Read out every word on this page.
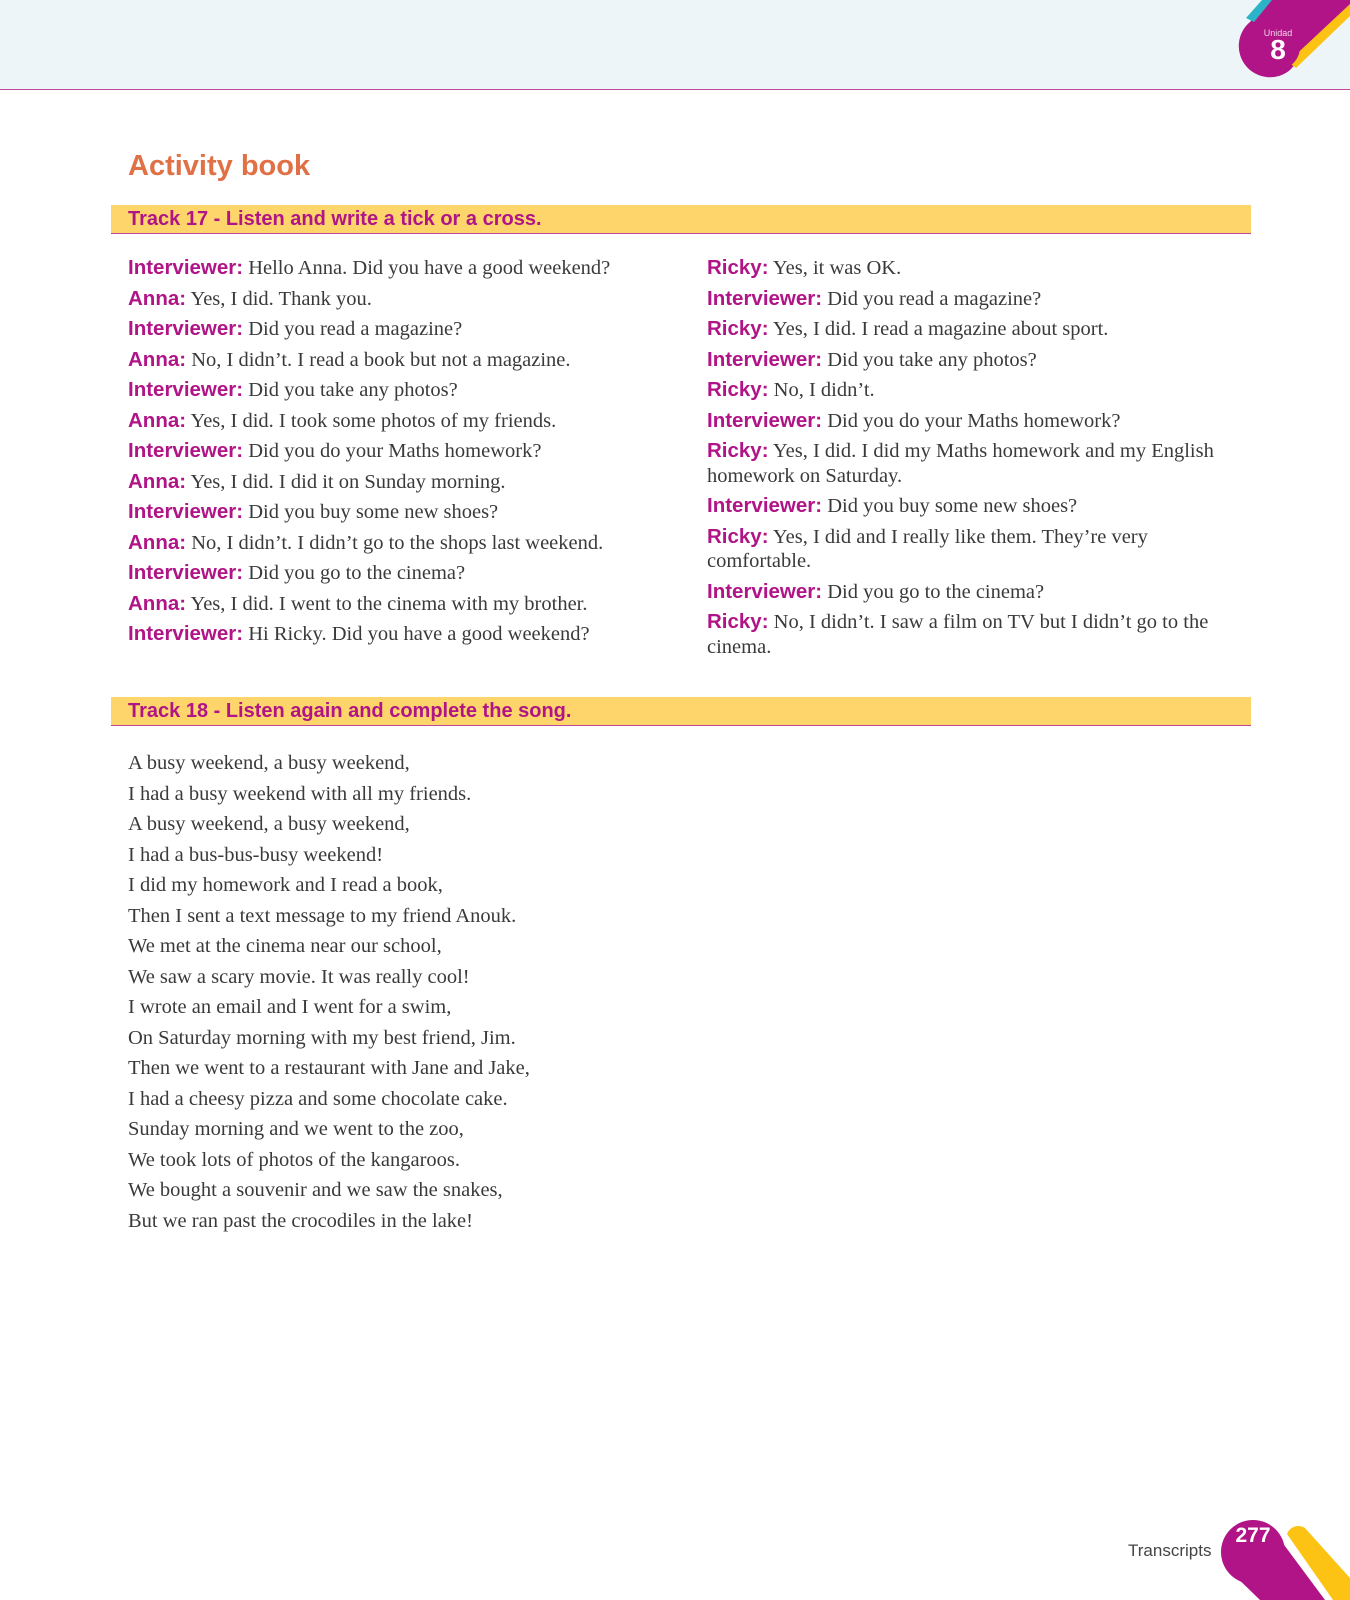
Unidad
8
Activity book
Track 17 - Listen and write a tick or a cross.
Interviewer: Hello Anna. Did you have a good weekend?
Anna: Yes, I did. Thank you.
Interviewer: Did you read a magazine?
Anna: No, I didn’t. I read a book but not a magazine.
Interviewer: Did you take any photos?
Anna: Yes, I did. I took some photos of my friends.
Interviewer: Did you do your Maths homework?
Anna: Yes, I did. I did it on Sunday morning.
Interviewer: Did you buy some new shoes?
Anna: No, I didn’t. I didn’t go to the shops last weekend.
Interviewer: Did you go to the cinema?
Anna: Yes, I did. I went to the cinema with my brother.
Interviewer: Hi Ricky. Did you have a good weekend?
Ricky: Yes, it was OK.
Interviewer: Did you read a magazine?
Ricky: Yes, I did. I read a magazine about sport.
Interviewer: Did you take any photos?
Ricky: No, I didn’t.
Interviewer: Did you do your Maths homework?
Ricky: Yes, I did. I did my Maths homework and my English homework on Saturday.
Interviewer: Did you buy some new shoes?
Ricky: Yes, I did and I really like them. They’re very comfortable.
Interviewer: Did you go to the cinema?
Ricky: No, I didn’t. I saw a film on TV but I didn’t go to the cinema.
Track 18 - Listen again and complete the song.
A busy weekend, a busy weekend,
I had a busy weekend with all my friends.
A busy weekend, a busy weekend,
I had a bus-bus-busy weekend!
I did my homework and I read a book,
Then I sent a text message to my friend Anouk.
We met at the cinema near our school,
We saw a scary movie. It was really cool!
I wrote an email and I went for a swim,
On Saturday morning with my best friend, Jim.
Then we went to a restaurant with Jane and Jake,
I had a cheesy pizza and some chocolate cake.
Sunday morning and we went to the zoo,
We took lots of photos of the kangaroos.
We bought a souvenir and we saw the snakes,
But we ran past the crocodiles in the lake!
Transcripts
277
